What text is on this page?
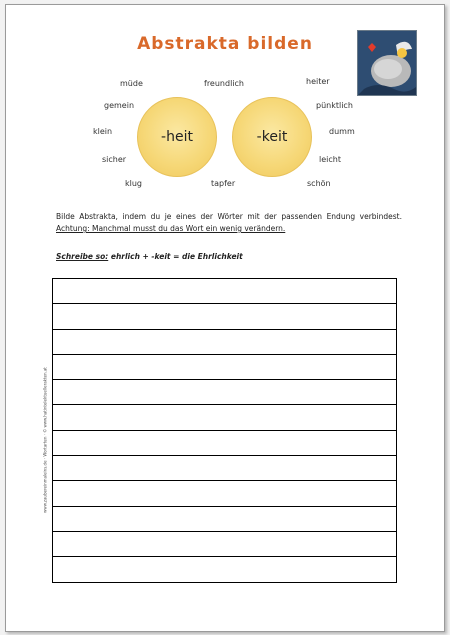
Abstrakta bilden
-heit	-keit
müde	freundlich	heiter
gemein	pünktlich
klein	dumm
sicher	leicht
klug	tapfer	schön
Bilde Abstrakta, indem du je eines der Wörter mit der passenden Endung verbindest. Achtung: Manchmal musst du das Wort ein wenig verändern.
Schreibe so: ehrlich + -keit = die Ehrlichkeit
www.zaubereinmaleins.de · Wortarten · © www.hatintelektuellerakten.at
